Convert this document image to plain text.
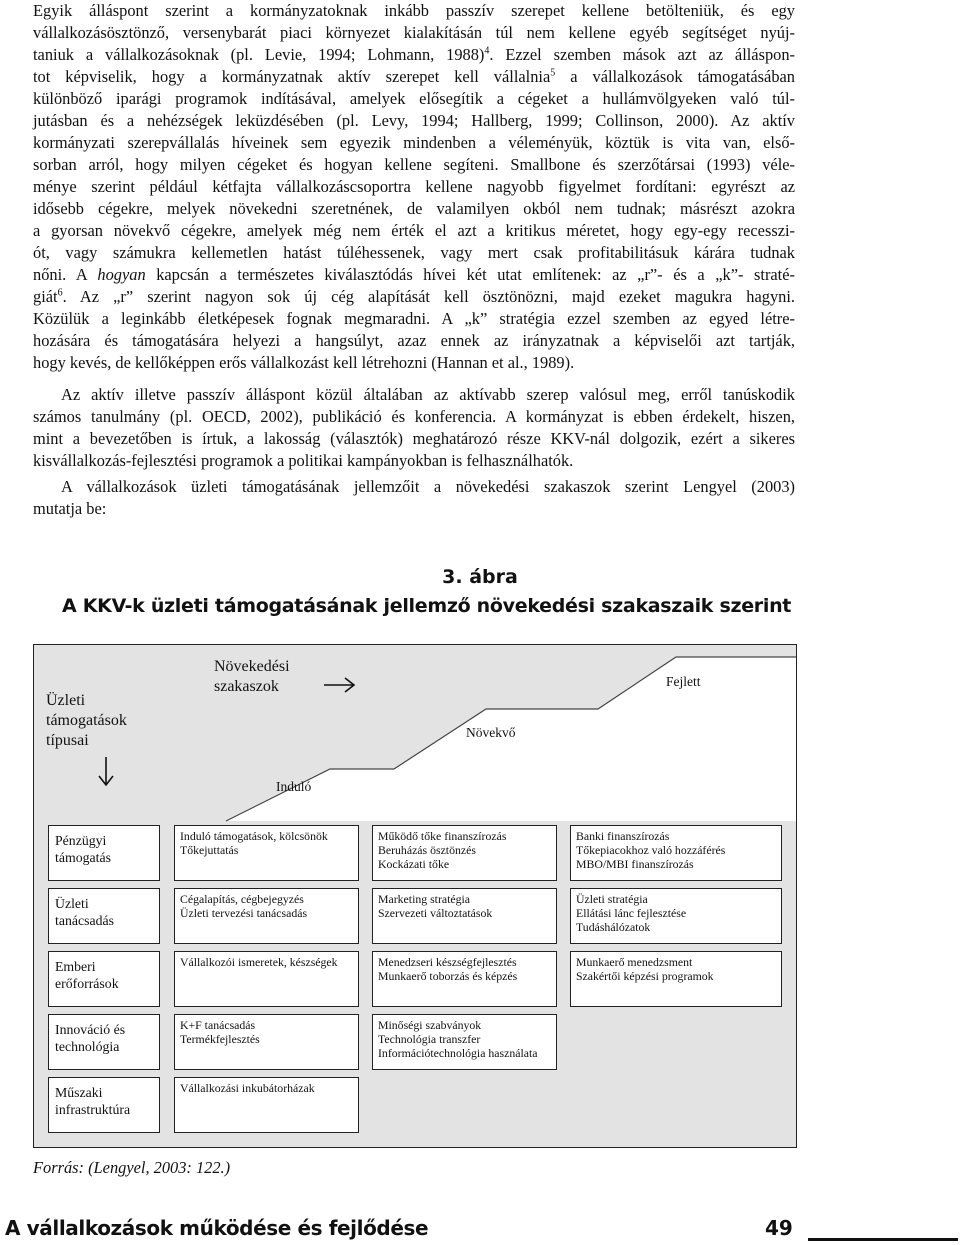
Egyik álláspont szerint a kormányzatoknak inkább passzív szerepet kellene betölteniük, és egy
vállalkozásösztönző, versenybarát piaci környezet kialakításán túl nem kellene egyéb segítséget nyúj-
taniuk a vállalkozásoknak (pl. Levie, 1994; Lohmann, 1988)$^4$. Ezzel szemben mások azt az álláspon-
tot képviselik, hogy a kormányzatnak aktív szerepet kell vállalnia$^5$ a vállalkozások támogatásában
különböző iparági programok indításával, amelyek elősegítik a cégeket a hullámvölgyeken való túl-
jutásban és a nehézségek leküzdésében (pl. Levy, 1994; Hallberg, 1999; Collinson, 2000). Az aktív
kormányzati szerepvállalás híveinek sem egyezik mindenben a véleményük, köztük is vita van, első-
sorban arról, hogy milyen cégeket és hogyan kellene segíteni. Smallbone és szerzőtársai (1993) véle-
ménye szerint például kétfajta vállalkozáscsoportra kellene nagyobb figyelmet fordítani: egyrészt az
idősebb cégekre, melyek növekedni szeretnének, de valamilyen okból nem tudnak; másrészt azokra
a gyorsan növekvő cégekre, amelyek még nem érték el azt a kritikus méretet, hogy egy-egy recesszi-
ót, vagy számukra kellemetlen hatást túléhessenek, vagy mert csak profitabilitásuk kárára tudnak
nőni. A hogyan kapcsán a természetes kiválasztódás hívei két utat említenek: az „r”- és a „k”- straté-
giát$^6$. Az „r” szerint nagyon sok új cég alapítását kell ösztönözni, majd ezeket magukra hagyni.
Közülük a leginkább életképesek fognak megmaradni. A „k” stratégia ezzel szemben az egyed létre-
hozására és támogatására helyezi a hangsúlyt, azaz ennek az irányzatnak a képviselői azt tartják,
hogy kevés, de kellőképpen erős vállalkozást kell létrehozni (Hannan et al., 1989).

Az aktív illetve passzív álláspont közül általában az aktívabb szerep valósul meg, erről tanúskodik
számos tanulmány (pl. OECD, 2002), publikáció és konferencia. A kormányzat is ebben érdekelt, hiszen,
mint a bevezetőben is írtuk, a lakosság (választók) meghatározó része KKV-nál dolgozik, ezért a sikeres
kisvállalkozás-fejlesztési programok a politikai kampányokban is felhasználhatók.

A vállalkozások üzleti támogatásának jellemzőit a növekedési szakaszok szerint Lengyel (2003)
mutatja be:

3. ábra
A KKV-k üzleti támogatásának jellemző növekedési szakaszaik szerint
Üzleti
támogatások
típusai
Növekedési
szakaszok
Induló
Növekvő
Fejlett
Pénzügyi
támogatás
Induló támogatások, kölcsönök
Tőkejuttatás
Működő tőke finanszírozás
Beruházás ösztönzés
Kockázati tőke
Banki finanszírozás
Tőkepiacokhoz való hozzáférés
MBO/MBI finanszírozás
Üzleti
tanácsadás
Cégalapítás, cégbejegyzés
Üzleti tervezési tanácsadás
Marketing stratégia
Szervezeti változtatások
Üzleti stratégia
Ellátási lánc fejlesztése
Tudáshálózatok
Emberi
erőforrások
Vállalkozói ismeretek, készségek	Menedzseri készségfejlesztés
Munkaerő toborzás és képzés
Munkaerő menedzsment
Szakértői képzési programok
Innováció és
technológia
K+F tanácsadás
Termékfejlesztés
Minőségi szabványok
Technológia transzfer
Információtechnológia használata
Műszaki
infrastruktúra
Vállalkozási inkubátorházak
Forrás: (Lengyel, 2003: 122.)
A vállalkozások működése és fejlődése	49
